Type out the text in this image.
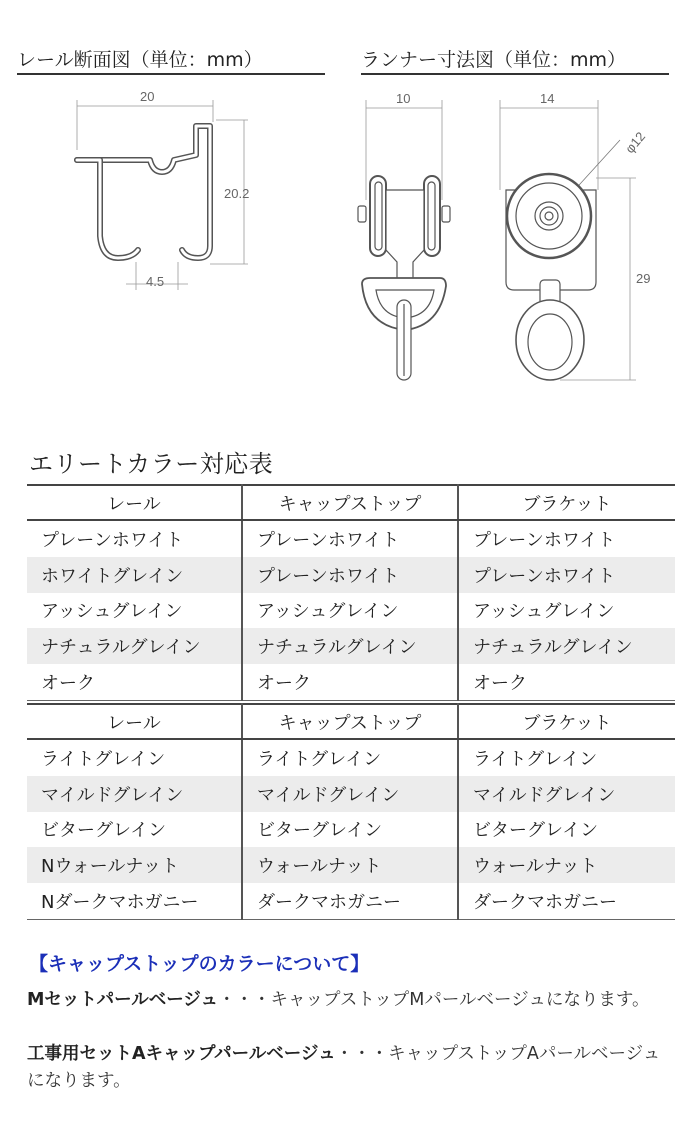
レール断面図（単位：mm）	ランナー寸法図（単位：mm）
20
20.2
4.5
10	14
φ12
29
エリートカラー対応表
レール	キャップストップ	ブラケット
プレーンホワイト	プレーンホワイト	プレーンホワイト
ホワイトグレイン	プレーンホワイト	プレーンホワイト
アッシュグレイン	アッシュグレイン	アッシュグレイン
ナチュラルグレイン	ナチュラルグレイン	ナチュラルグレイン
オーク	オーク	オーク
レール	キャップストップ	ブラケット
ライトグレイン	ライトグレイン	ライトグレイン
マイルドグレイン	マイルドグレイン	マイルドグレイン
ビターグレイン	ビターグレイン	ビターグレイン
Nウォールナット	ウォールナット	ウォールナット
Nダークマホガニー	ダークマホガニー	ダークマホガニー
【キャップストップのカラーについて】
Mセットパールベージュ・・・キャップストップMパールベージュになります。
工事用セットAキャップパールベージュ・・・キャップストップAパールベージュになります。
